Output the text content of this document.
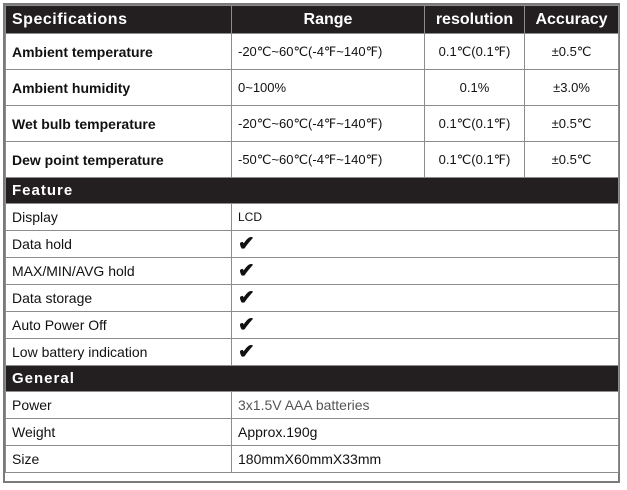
Specifications	Range	resolution	Accuracy
Ambient temperature	-20℃~60℃(-4℉~140℉)	0.1℃(0.1℉)	±0.5℃
Ambient humidity	0~100%	0.1%	±3.0%
Wet bulb temperature	-20℃~60℃(-4℉~140℉)	0.1℃(0.1℉)	±0.5℃
Dew point temperature	-50℃~60℃(-4℉~140℉)	0.1℃(0.1℉)	±0.5℃
Feature			
Display	LCD		
Data hold	✔		
MAX/MIN/AVG hold	✔		
Data storage	✔		
Auto Power Off	✔		
Low battery indication	✔		
General			
Power	3x1.5V AAA batteries		
Weight	Approx.190g		
Size	180mmX60mmX33mm		
